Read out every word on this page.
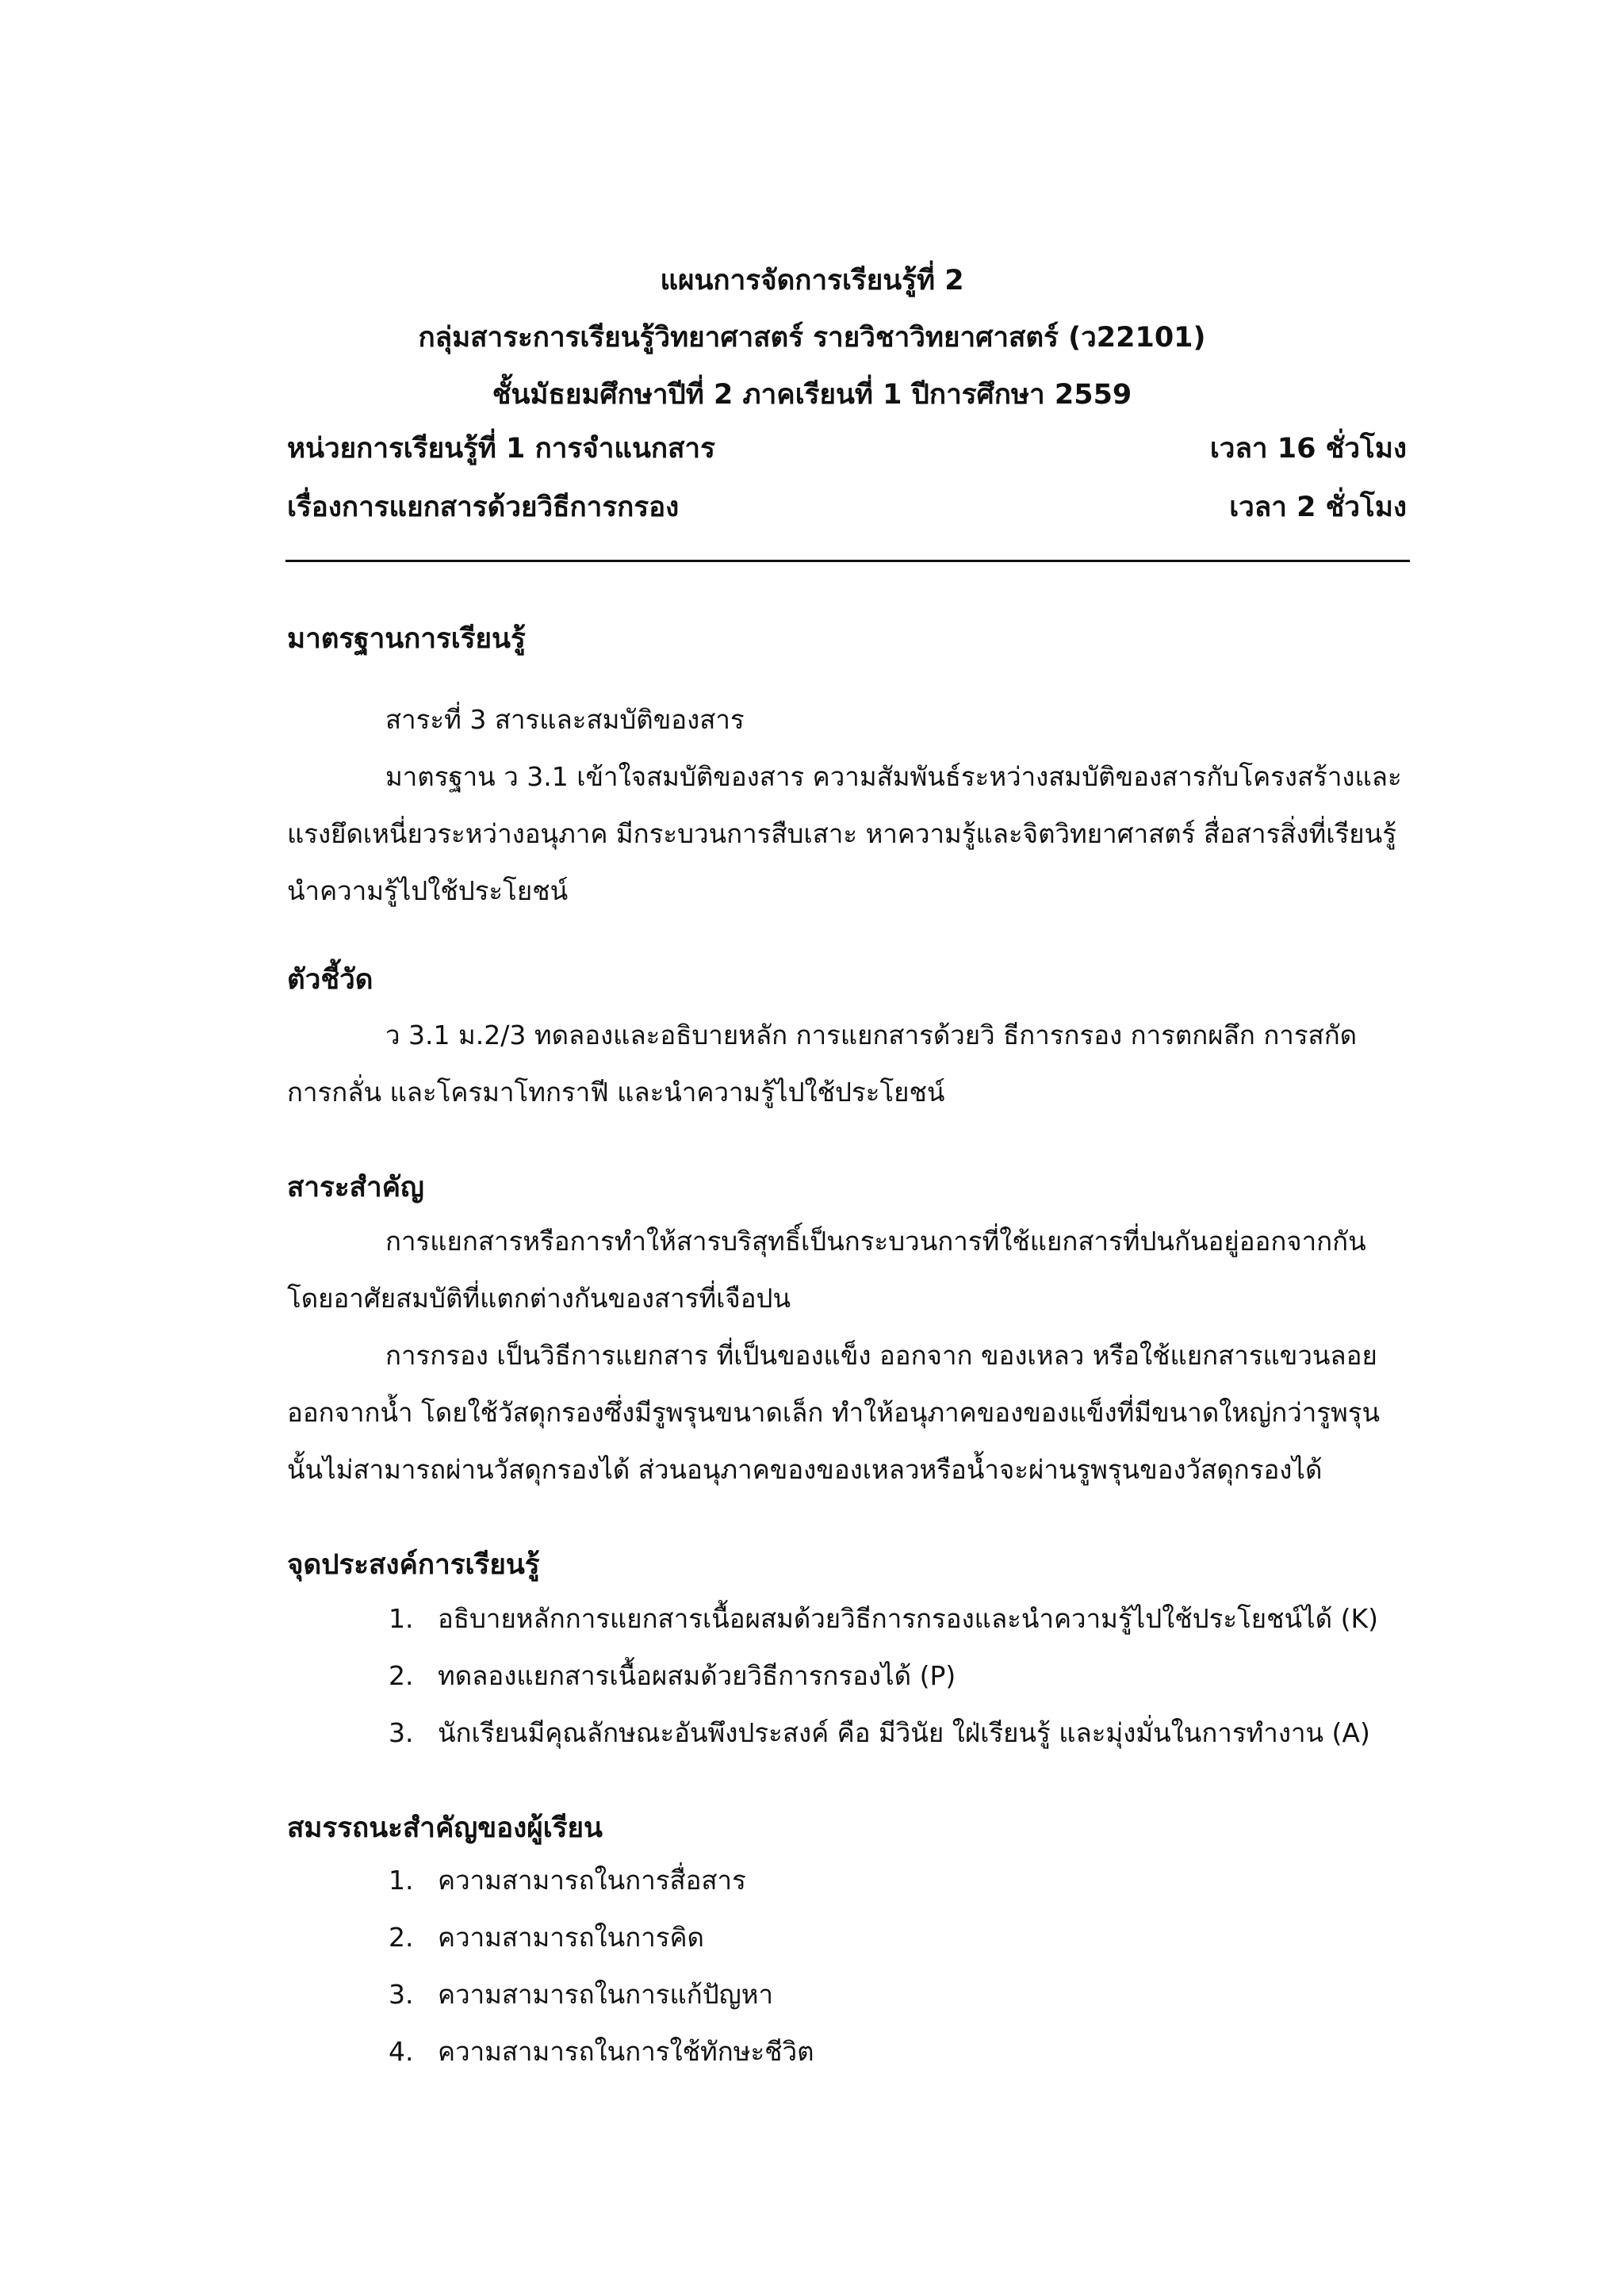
แผนการจัดการเรียนรู้ที่ 2
กลุ่มสาระการเรียนรู้วิทยาศาสตร์ รายวิชาวิทยาศาสตร์ (ว22101)
ชั้นมัธยมศึกษาปีที่ 2 ภาคเรียนที่ 1 ปีการศึกษา 2559
หน่วยการเรียนรู้ที่ 1 การจำแนกสาร	เวลา 16 ชั่วโมง
เรื่องการแยกสารด้วยวิธีการกรอง	เวลา 2 ชั่วโมง
มาตรฐานการเรียนรู้

สาระที่ 3 สารและสมบัติของสาร

มาตรฐาน ว 3.1 เข้าใจสมบัติของสาร ความสัมพันธ์ระหว่างสมบัติของสารกับโครงสร้างและแรงยึดเหนี่ยวระหว่างอนุภาค มีกระบวนการสืบเสาะ หาความรู้และจิตวิทยาศาสตร์ สื่อสารสิ่งที่เรียนรู้ นำความรู้ไปใช้ประโยชน์

ตัวชี้วัด

ว 3.1 ม.2/3 ทดลองและอธิบายหลัก การแยกสารด้วยวิ ธีการกรอง การตกผลึก การสกัด การกลั่น และโครมาโทกราฟี และนำความรู้ไปใช้ประโยชน์

สาระสำคัญ

การแยกสารหรือการทำให้สารบริสุทธิ์เป็นกระบวนการที่ใช้แยกสารที่ปนกันอยู่ออกจากกัน โดยอาศัยสมบัติที่แตกต่างกันของสารที่เจือปน

การกรอง เป็นวิธีการแยกสาร ที่เป็นของแข็ง ออกจาก ของเหลว หรือใช้แยกสารแขวนลอย ออกจากน้ำ โดยใช้วัสดุกรองซึ่งมีรูพรุนขนาดเล็ก ทำให้อนุภาคของของแข็งที่มีขนาดใหญ่กว่ารูพรุนนั้นไม่สามารถผ่านวัสดุกรองได้ ส่วนอนุภาคของของเหลวหรือน้ำจะผ่านรูพรุนของวัสดุกรองได้

จุดประสงค์การเรียนรู้
1. อธิบายหลักการแยกสารเนื้อผสมด้วยวิธีการกรองและนำความรู้ไปใช้ประโยชน์ได้ (K)
2. ทดลองแยกสารเนื้อผสมด้วยวิธีการกรองได้ (P)
3. นักเรียนมีคุณลักษณะอันพึงประสงค์ คือ มีวินัย ใฝ่เรียนรู้ และมุ่งมั่นในการทำงาน (A)
สมรรถนะสำคัญของผู้เรียน
1. ความสามารถในการสื่อสาร
2. ความสามารถในการคิด
3. ความสามารถในการแก้ปัญหา
4. ความสามารถในการใช้ทักษะชีวิต
